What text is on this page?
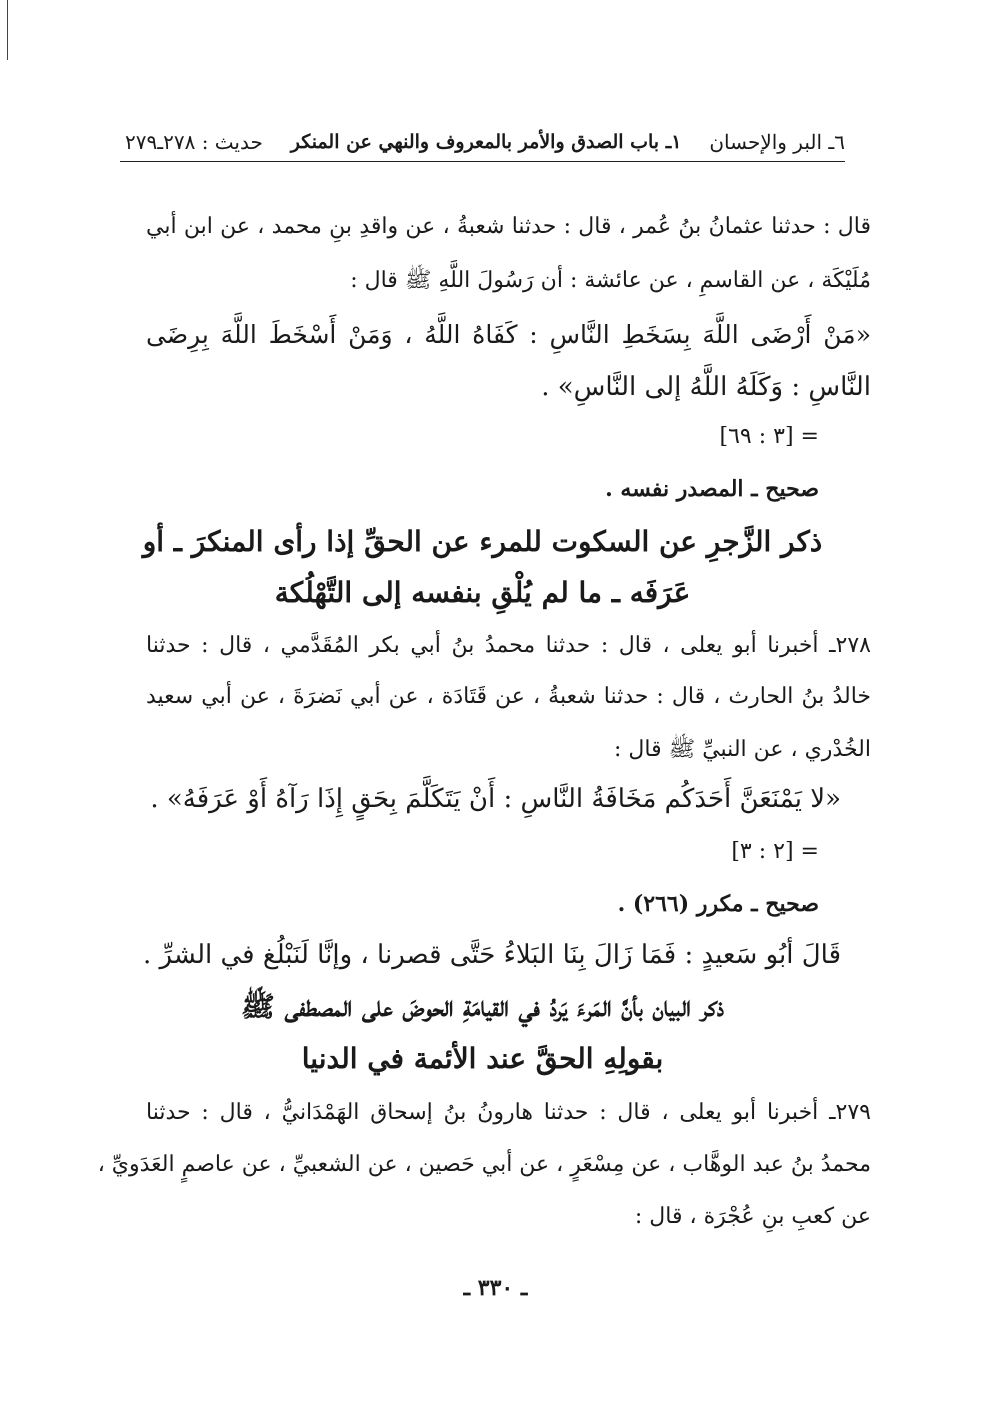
٦ـ البر والإحسان
١ـ باب الصدق والأمر بالمعروف والنهي عن المنكر
حديث : ٢٧٨ـ٢٧٩
قال : حدثنا عثمانُ بنُ عُمر ، قال : حدثنا شعبةُ ، عن واقدِ بنِ محمد ، عن ابن أبي
مُلَيْكَة ، عن القاسمِ ، عن عائشة : أن رَسُولَ اللَّهِ ﷺ قال :
«مَنْ أَرْضَى اللَّهَ بِسَخَطِ النَّاسِ : كَفَاهُ اللَّهُ ، وَمَنْ أَسْخَطَ اللَّهَ بِرِضَى
النَّاسِ : وَكَلَهُ اللَّهُ إلى النَّاسِ» .
= [٣ : ٦٩]
صحيح ـ المصدر نفسه .
ذكر الزَّجرِ عن السكوت للمرء عن الحقِّ إذا رأى المنكرَ ـ أو
عَرَفَه ـ ما لم يُلْقِ بنفسه إلى التَّهْلُكة
٢٧٨ـ أخبرنا أبو يعلى ، قال : حدثنا محمدُ بنُ أبي بكر المُقَدَّمي ، قال : حدثنا
خالدُ بنُ الحارث ، قال : حدثنا شعبةُ ، عن قَتَادَة ، عن أبي نَضرَةَ ، عن أبي سعيد
الخُدْري ، عن النبيِّ ﷺ قال :
«لا يَمْنَعَنَّ أَحَدَكُم مَخَافَةُ النَّاسِ : أَنْ يَتَكَلَّمَ بِحَقٍ إِذَا رَآهُ أَوْ عَرَفَهُ» .
= [٢ : ٣]
صحيح ـ مكرر (٢٦٦) .
قَالَ أبُو سَعيدٍ : فَمَا زَالَ بِنَا البَلاءُ حَتَّى قصرنا ، وإنَّا لَنَبْلُغ في الشرِّ .
ذكر البيان بأنَّ المَرءَ يَردُ في القيامَةِ الحوضَ على المصطفى ﷺ
بقولِهِ الحقَّ عند الأئمة في الدنيا
٢٧٩ـ أخبرنا أبو يعلى ، قال : حدثنا هارونُ بنُ إسحاق الهَمْدَانيُّ ، قال : حدثنا
محمدُ بنُ عبد الوهَّاب ، عن مِسْعَرٍ ، عن أبي حَصين ، عن الشعبيِّ ، عن عاصمٍ العَدَويِّ ،
عن كعبِ بنِ عُجْرَة ، قال :
ـ ٣٣٠ ـ
